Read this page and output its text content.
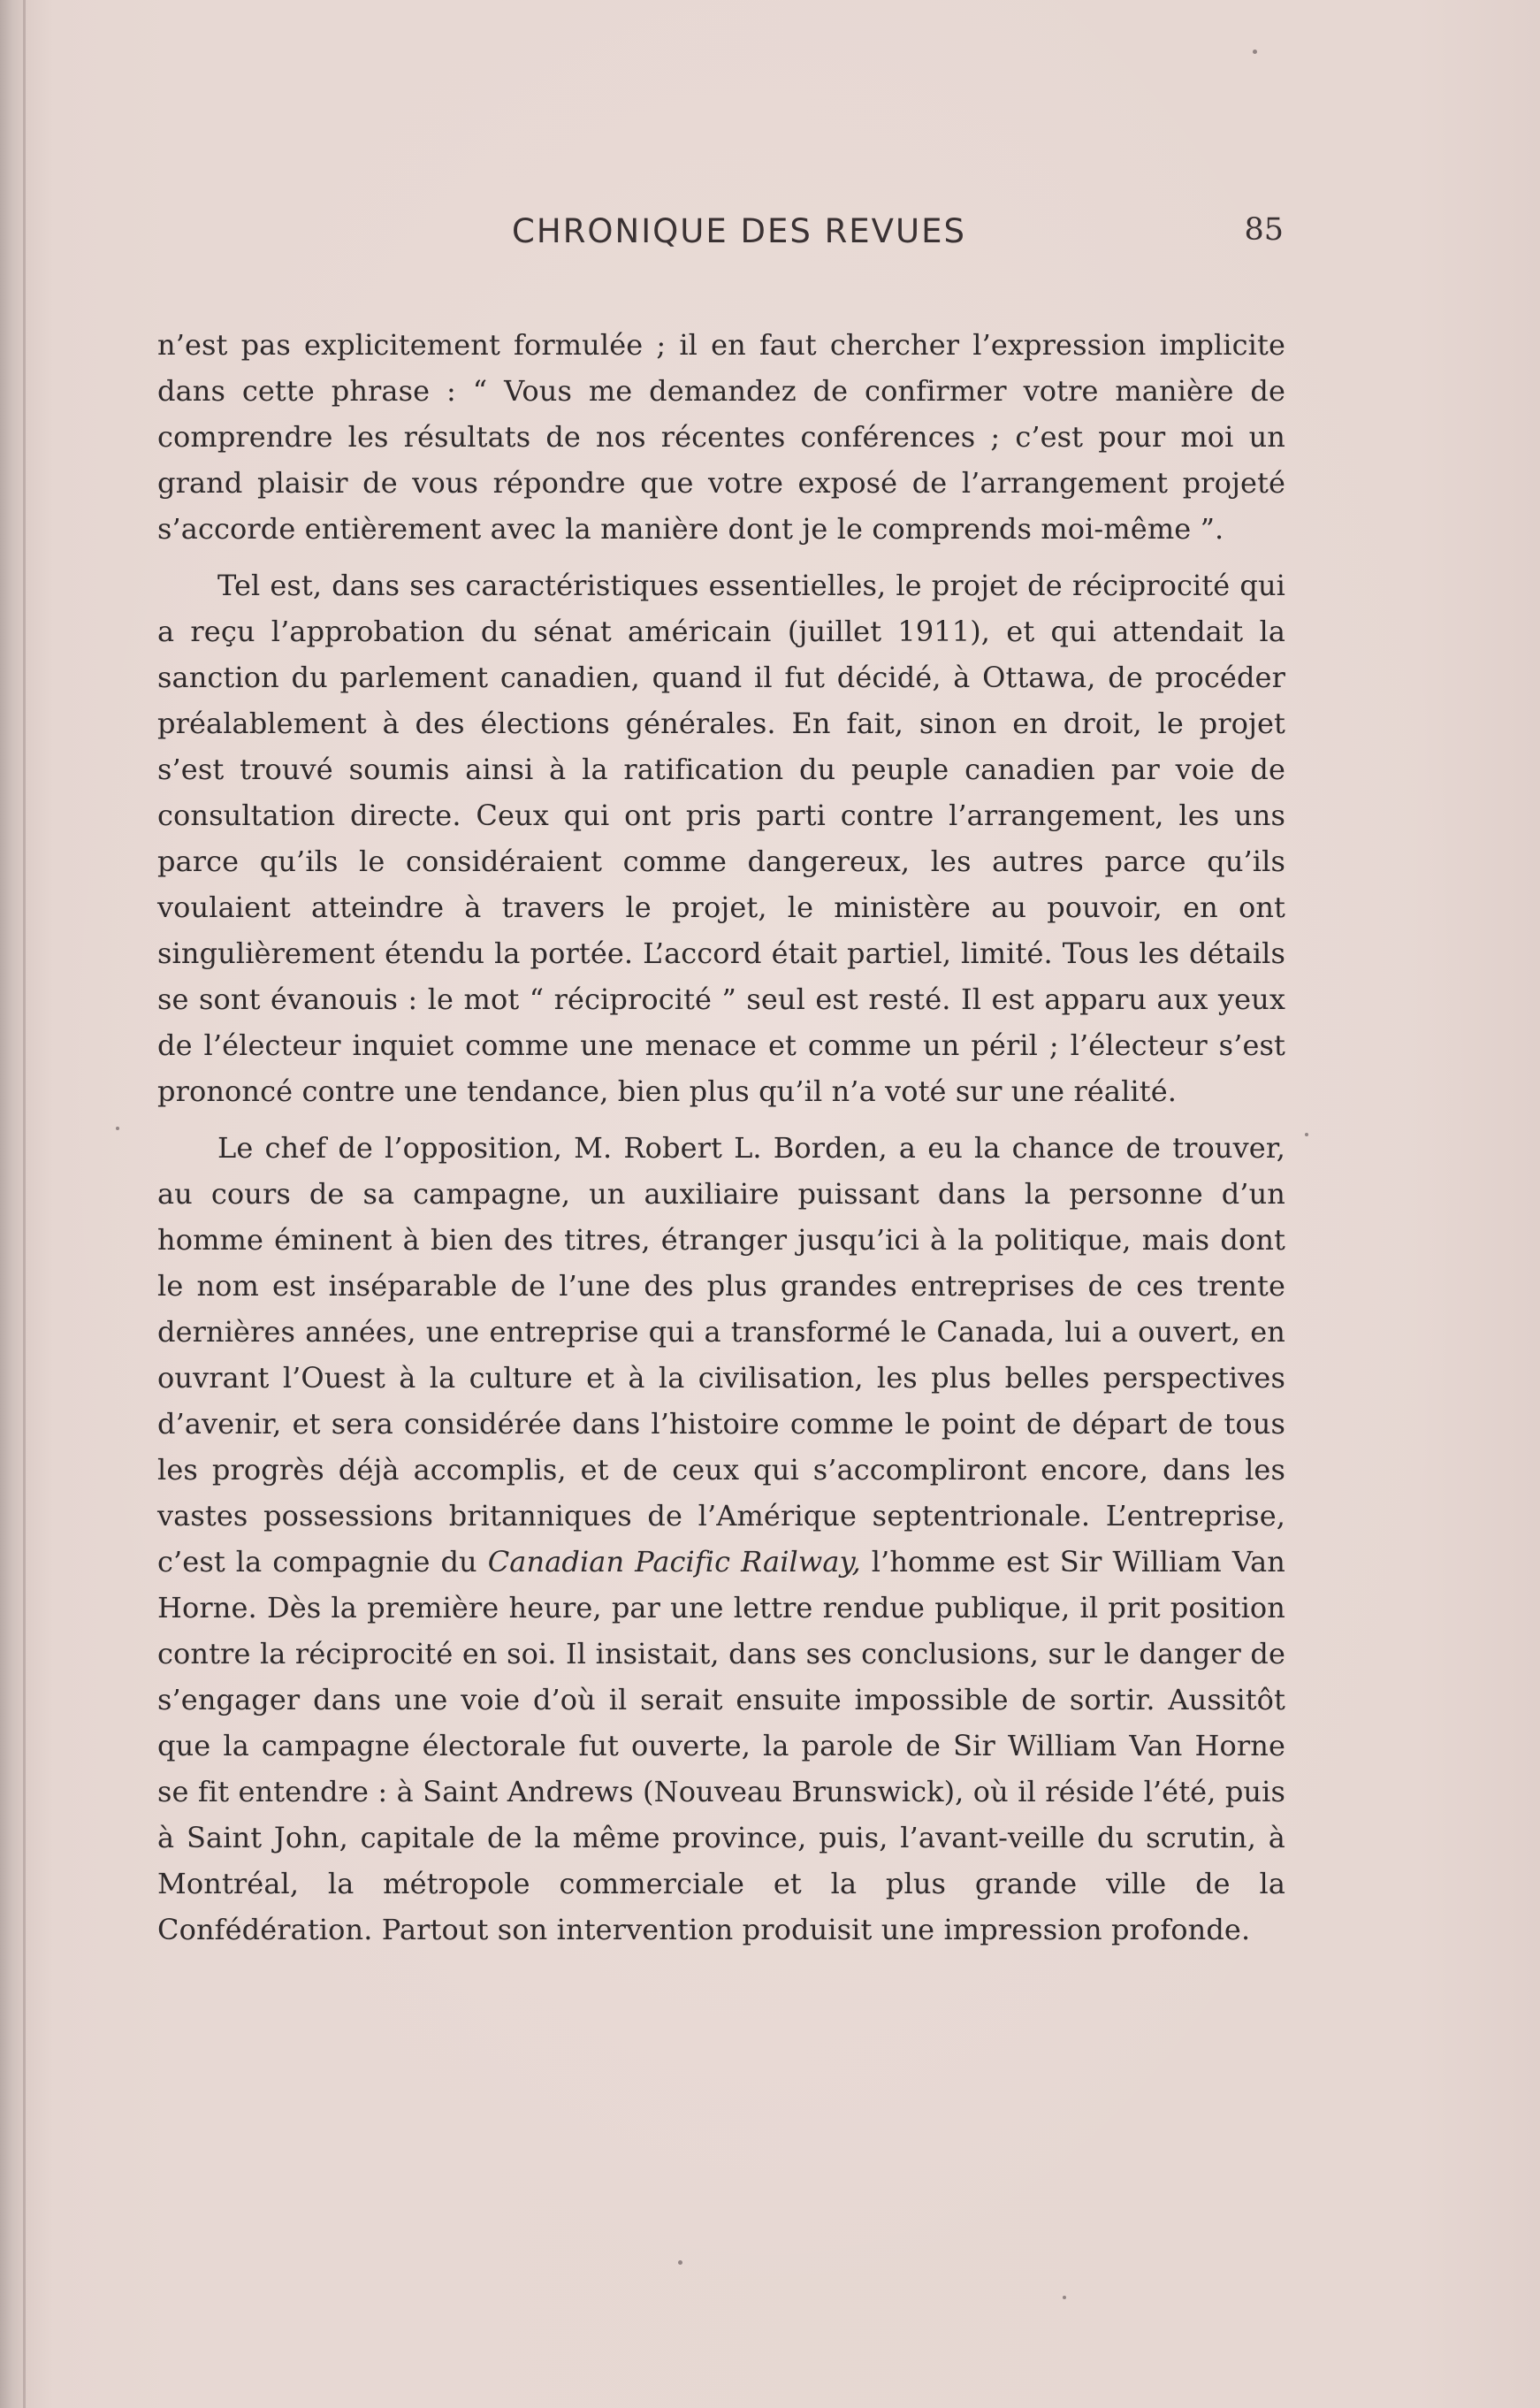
CHRONIQUE DES REVUES	85

n’est pas explicitement formulée ; il en faut chercher l’expression implicite dans cette phrase : “ Vous me demandez de confirmer votre manière de comprendre les résultats de nos récentes conférences ; c’est pour moi un grand plaisir de vous répondre que votre exposé de l’arrangement projeté s’accorde entièrement avec la manière dont je le comprends moi-même ”.

Tel est, dans ses caractéristiques essentielles, le projet de réciprocité qui a reçu l’approbation du sénat américain (juillet 1911), et qui attendait la sanction du parlement canadien, quand il fut décidé, à Ottawa, de procéder préalablement à des élections générales. En fait, sinon en droit, le projet s’est trouvé soumis ainsi à la ratification du peuple canadien par voie de consultation directe. Ceux qui ont pris parti contre l’arrangement, les uns parce qu’ils le considéraient comme dangereux, les autres parce qu’ils voulaient atteindre à travers le projet, le ministère au pouvoir, en ont singulièrement étendu la portée. L’accord était partiel, limité. Tous les détails se sont évanouis : le mot “ réciprocité ” seul est resté. Il est apparu aux yeux de l’électeur inquiet comme une menace et comme un péril ; l’électeur s’est prononcé contre une tendance, bien plus qu’il n’a voté sur une réalité.

Le chef de l’opposition, M. Robert L. Borden, a eu la chance de trouver, au cours de sa campagne, un auxiliaire puissant dans la personne d’un homme éminent à bien des titres, étranger jusqu’ici à la politique, mais dont le nom est inséparable de l’une des plus grandes entreprises de ces trente dernières années, une entreprise qui a transformé le Canada, lui a ouvert, en ouvrant l’Ouest à la culture et à la civilisation, les plus belles perspectives d’avenir, et sera considérée dans l’histoire comme le point de départ de tous les progrès déjà accomplis, et de ceux qui s’accompliront encore, dans les vastes possessions britanniques de l’Amérique septentrionale. L’entreprise, c’est la compagnie du Canadian Pacific Railway, l’homme est Sir William Van Horne. Dès la première heure, par une lettre rendue publique, il prit position contre la réciprocité en soi. Il insistait, dans ses conclusions, sur le danger de s’engager dans une voie d’où il serait ensuite impossible de sortir. Aussitôt que la campagne électorale fut ouverte, la parole de Sir William Van Horne se fit entendre : à Saint Andrews (Nouveau Brunswick), où il réside l’été, puis à Saint John, capitale de la même province, puis, l’avant-veille du scrutin, à Montréal, la métropole commerciale et la plus grande ville de la Confédération. Partout son intervention produisit une impression profonde.
